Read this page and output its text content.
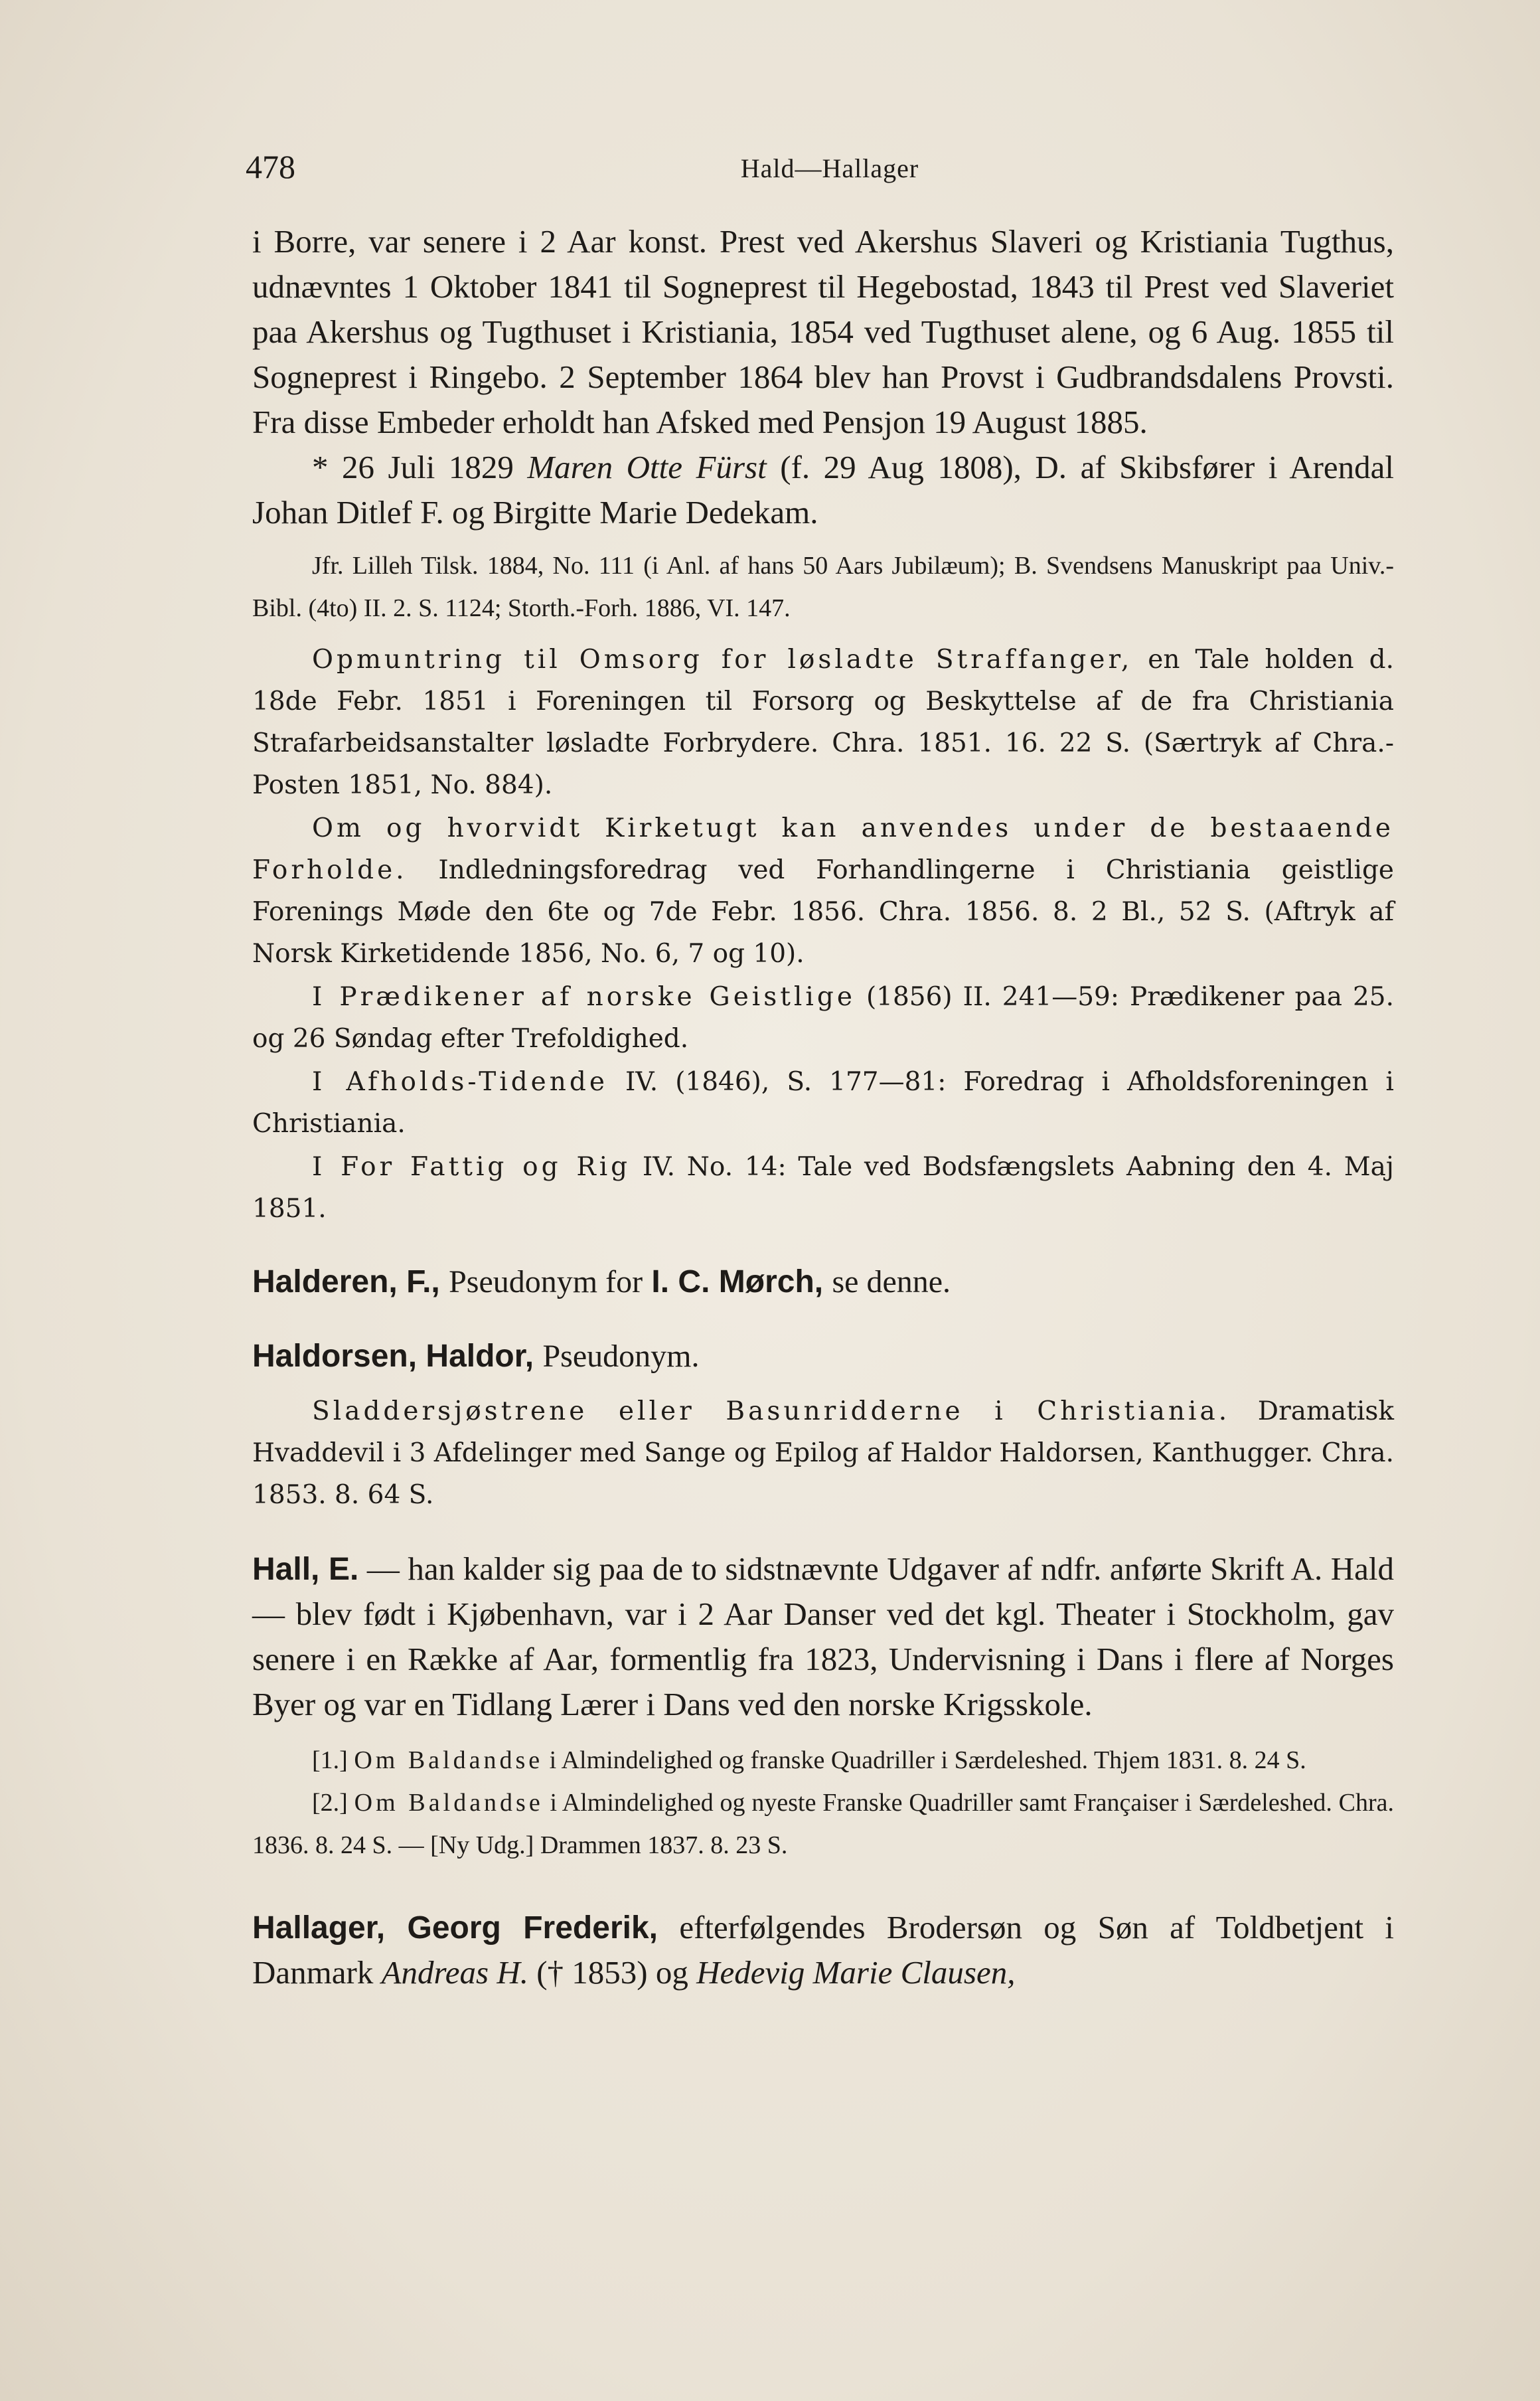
478	Hald—Hallager

i Borre, var senere i 2 Aar konst. Prest ved Akershus Slaveri og Kristiania Tugthus, udnævntes 1 Oktober 1841 til Sogneprest til Hegebostad, 1843 til Prest ved Slaveriet paa Akershus og Tugthuset i Kristiania, 1854 ved Tugthuset alene, og 6 Aug. 1855 til Sogneprest i Ringebo. 2 September 1864 blev han Provst i Gudbrandsdalens Provsti. Fra disse Embeder erholdt han Afsked med Pensjon 19 August 1885.

* 26 Juli 1829 Maren Otte Fürst (f. 29 Aug 1808), D. af Skibsfører i Arendal Johan Ditlef F. og Birgitte Marie Dedekam.

Jfr. Lilleh Tilsk. 1884, No. 111 (i Anl. af hans 50 Aars Jubilæum); B. Svendsens Manuskript paa Univ.-Bibl. (4to) II. 2. S. 1124; Storth.-Forh. 1886, VI. 147.

Opmuntring til Omsorg for løsladte Straffanger, en Tale holden d. 18de Febr. 1851 i Foreningen til Forsorg og Beskyttelse af de fra Christiania Strafarbeidsanstalter løsladte Forbrydere. Chra. 1851. 16. 22 S. (Særtryk af Chra.-Posten 1851, No. 884).

Om og hvorvidt Kirketugt kan anvendes under de bestaaende Forholde. Indledningsforedrag ved Forhandlingerne i Christiania geistlige Forenings Møde den 6te og 7de Febr. 1856. Chra. 1856. 8. 2 Bl., 52 S. (Aftryk af Norsk Kirketidende 1856, No. 6, 7 og 10).

I Prædikener af norske Geistlige (1856) II. 241—59: Prædikener paa 25. og 26 Søndag efter Trefoldighed.

I Afholds-Tidende IV. (1846), S. 177—81: Foredrag i Afholdsforeningen i Christiania.

I For Fattig og Rig IV. No. 14: Tale ved Bodsfængslets Aabning den 4. Maj 1851.

Halderen, F., Pseudonym for I. C. Mørch, se denne.

Haldorsen, Haldor, Pseudonym.

Sladdersjøstrene eller Basunridderne i Christiania. Dramatisk Hvaddevil i 3 Afdelinger med Sange og Epilog af Haldor Haldorsen, Kanthugger. Chra. 1853. 8. 64 S.

Hall, E. — han kalder sig paa de to sidstnævnte Udgaver af ndfr. anførte Skrift A. Hald — blev født i Kjøbenhavn, var i 2 Aar Danser ved det kgl. Theater i Stockholm, gav senere i en Række af Aar, formentlig fra 1823, Undervisning i Dans i flere af Norges Byer og var en Tidlang Lærer i Dans ved den norske Krigsskole.

[1.] Om Baldandse i Almindelighed og franske Quadriller i Særdeleshed. Thjem 1831. 8. 24 S.

[2.] Om Baldandse i Almindelighed og nyeste Franske Quadriller samt Françaiser i Særdeleshed. Chra. 1836. 8. 24 S. — [Ny Udg.] Drammen 1837. 8. 23 S.

Hallager, Georg Frederik, efterfølgendes Brodersøn og Søn af Toldbetjent i Danmark Andreas H. († 1853) og Hedevig Marie Clausen,
